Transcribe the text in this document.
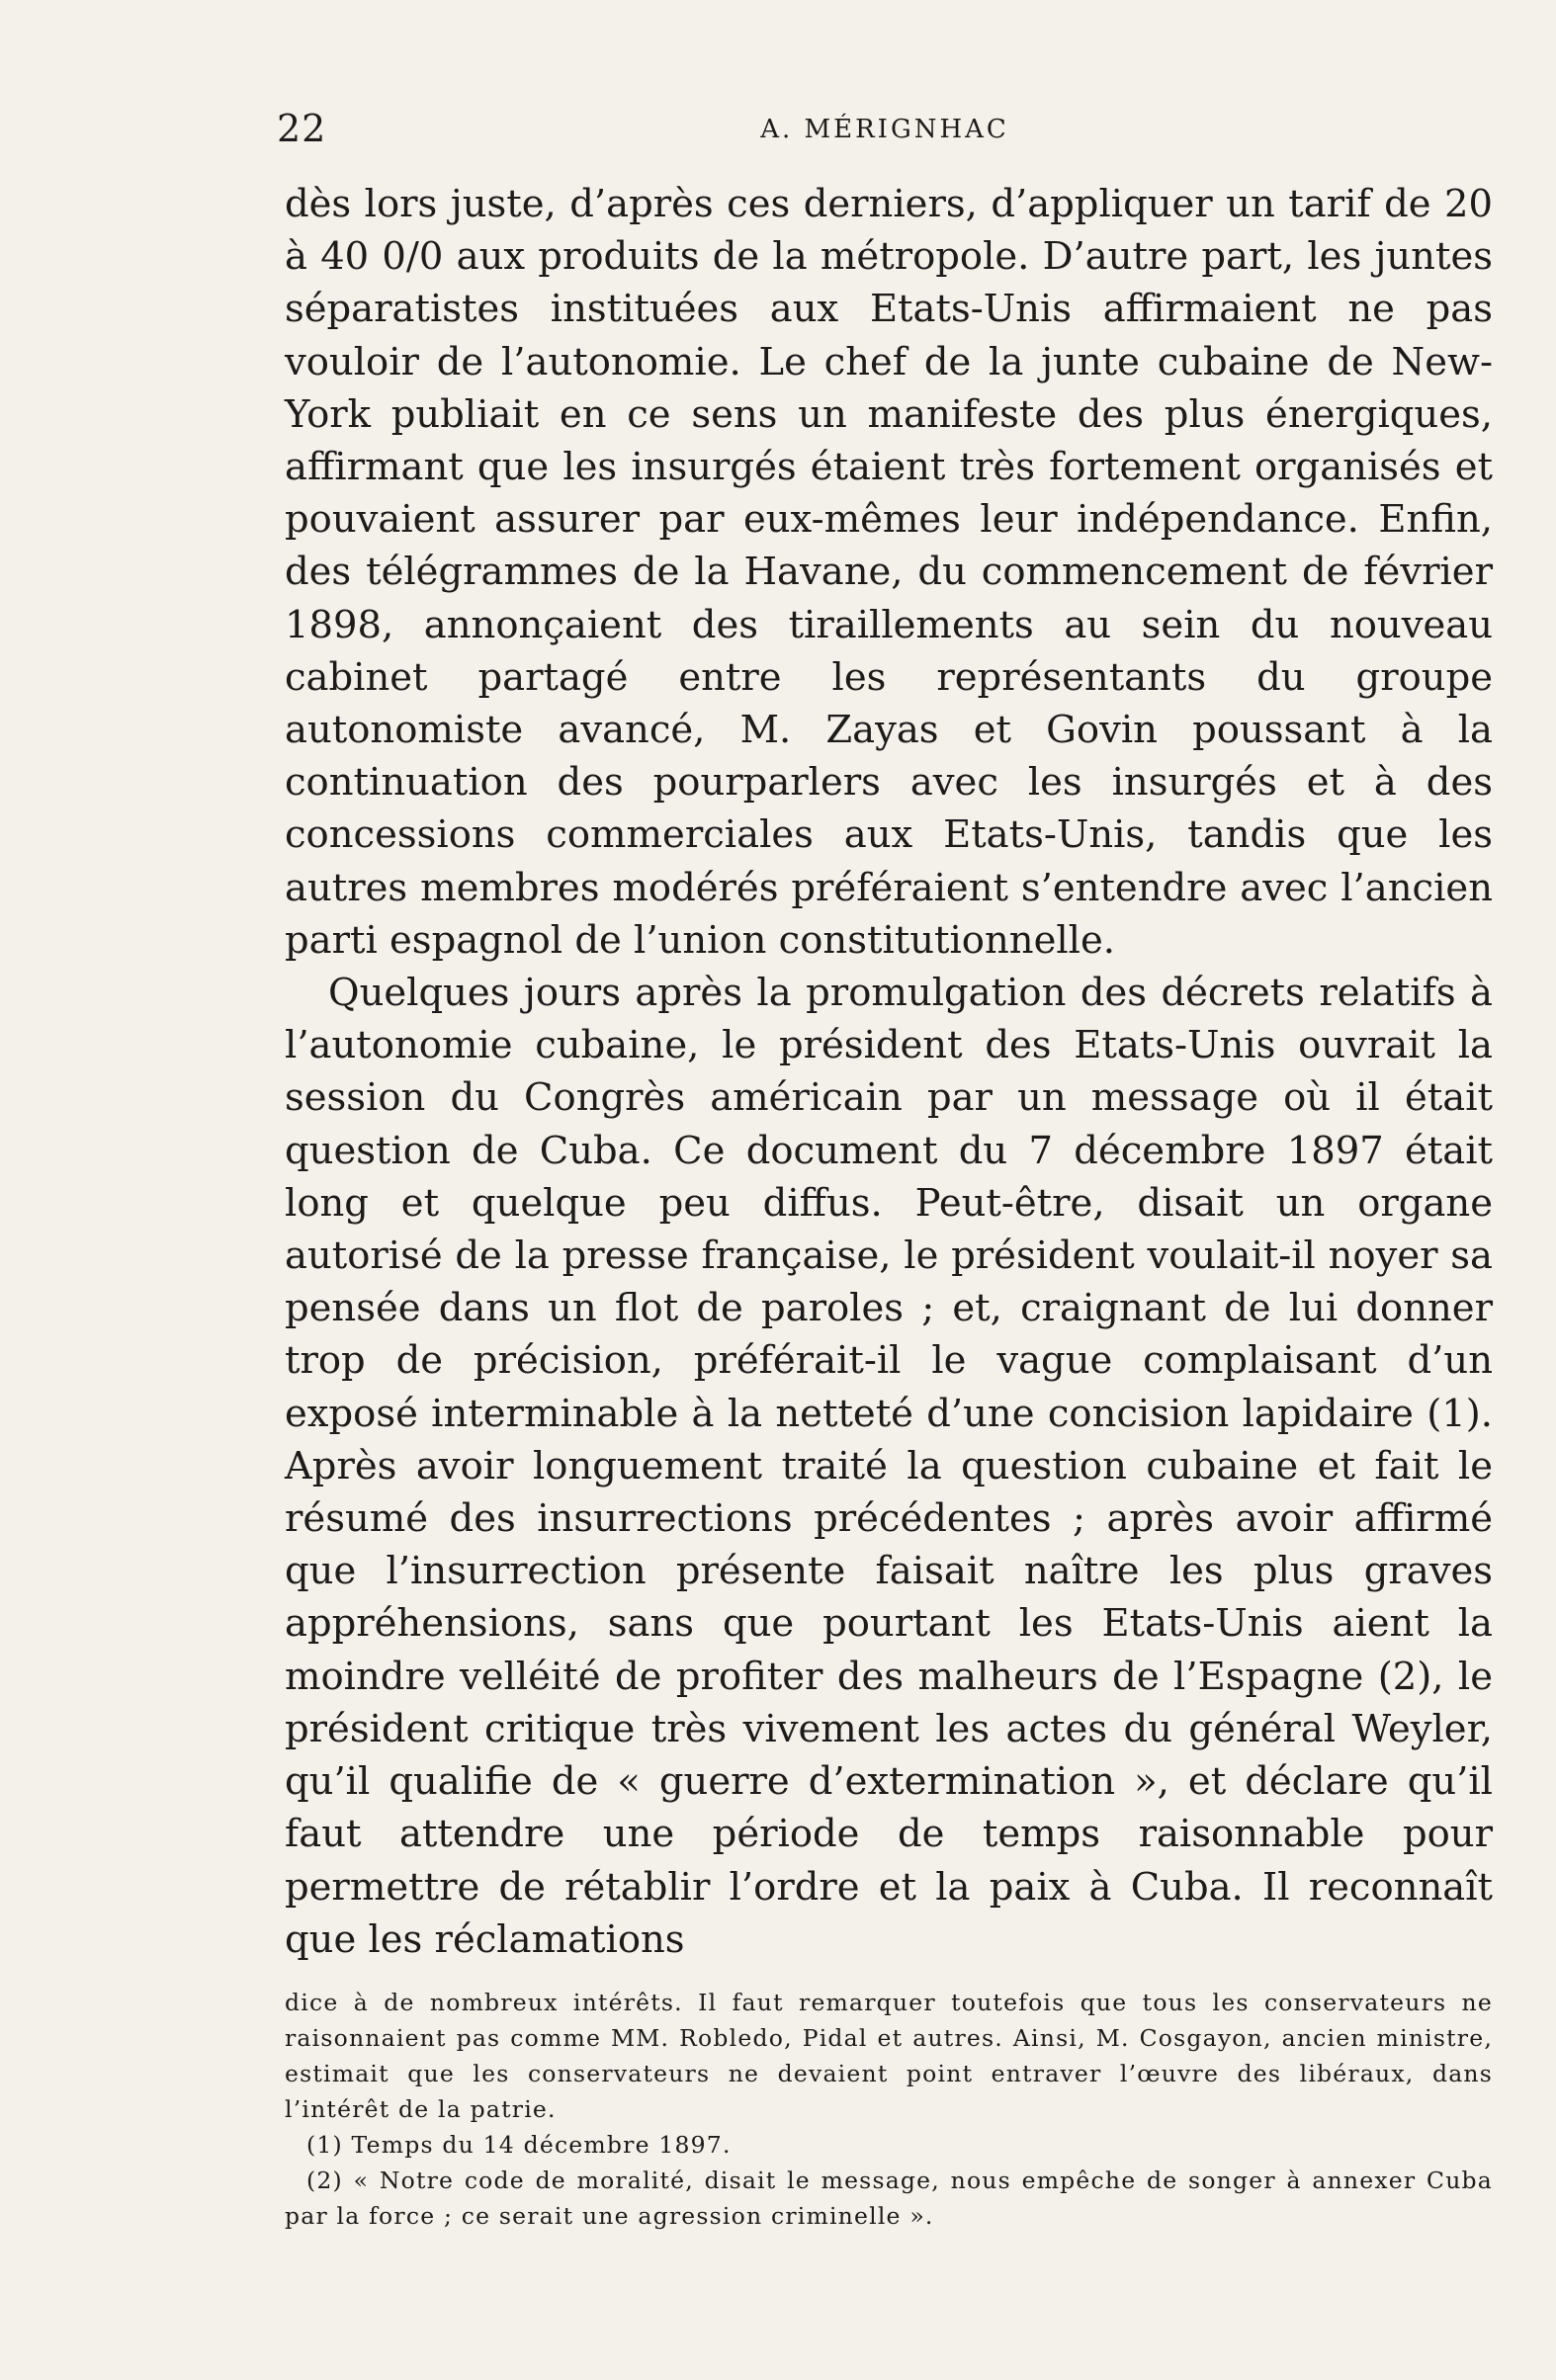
22	A. MÉRIGNHAC

dès lors juste, d’après ces derniers, d’appliquer un tarif de 20 à 40 0/0 aux produits de la métropole. D’autre part, les juntes séparatistes instituées aux Etats-Unis affirmaient ne pas vouloir de l’autonomie. Le chef de la junte cubaine de New-York publiait en ce sens un manifeste des plus énergiques, affirmant que les insurgés étaient très fortement organisés et pouvaient assurer par eux-mêmes leur indépendance. Enfin, des télégrammes de la Havane, du commencement de février 1898, annonçaient des tiraillements au sein du nouveau cabinet partagé entre les représentants du groupe autonomiste avancé, M. Zayas et Govin poussant à la continuation des pourparlers avec les insurgés et à des concessions commerciales aux Etats-Unis, tandis que les autres membres modérés préféraient s’entendre avec l’ancien parti espagnol de l’union constitutionnelle.

Quelques jours après la promulgation des décrets relatifs à l’autonomie cubaine, le président des Etats-Unis ouvrait la session du Congrès américain par un message où il était question de Cuba. Ce document du 7 décembre 1897 était long et quelque peu diffus. Peut-être, disait un organe autorisé de la presse française, le président voulait-il noyer sa pensée dans un flot de paroles ; et, craignant de lui donner trop de précision, préférait-il le vague complaisant d’un exposé interminable à la netteté d’une concision lapidaire (1). Après avoir longuement traité la question cubaine et fait le résumé des insurrections précédentes ; après avoir affirmé que l’insurrection présente faisait naître les plus graves appréhensions, sans que pourtant les Etats-Unis aient la moindre velléité de profiter des malheurs de l’Espagne (2), le président critique très vivement les actes du général Weyler, qu’il qualifie de « guerre d’extermination », et déclare qu’il faut attendre une période de temps raisonnable pour permettre de rétablir l’ordre et la paix à Cuba. Il reconnaît que les réclamations

dice à de nombreux intérêts. Il faut remarquer toutefois que tous les conservateurs ne raisonnaient pas comme MM. Robledo, Pidal et autres. Ainsi, M. Cosgayon, ancien ministre, estimait que les conservateurs ne devaient point entraver l’œuvre des libéraux, dans l’intérêt de la patrie.

(1) Temps du 14 décembre 1897.

(2) « Notre code de moralité, disait le message, nous empêche de songer à annexer Cuba par la force ; ce serait une agression criminelle ».
